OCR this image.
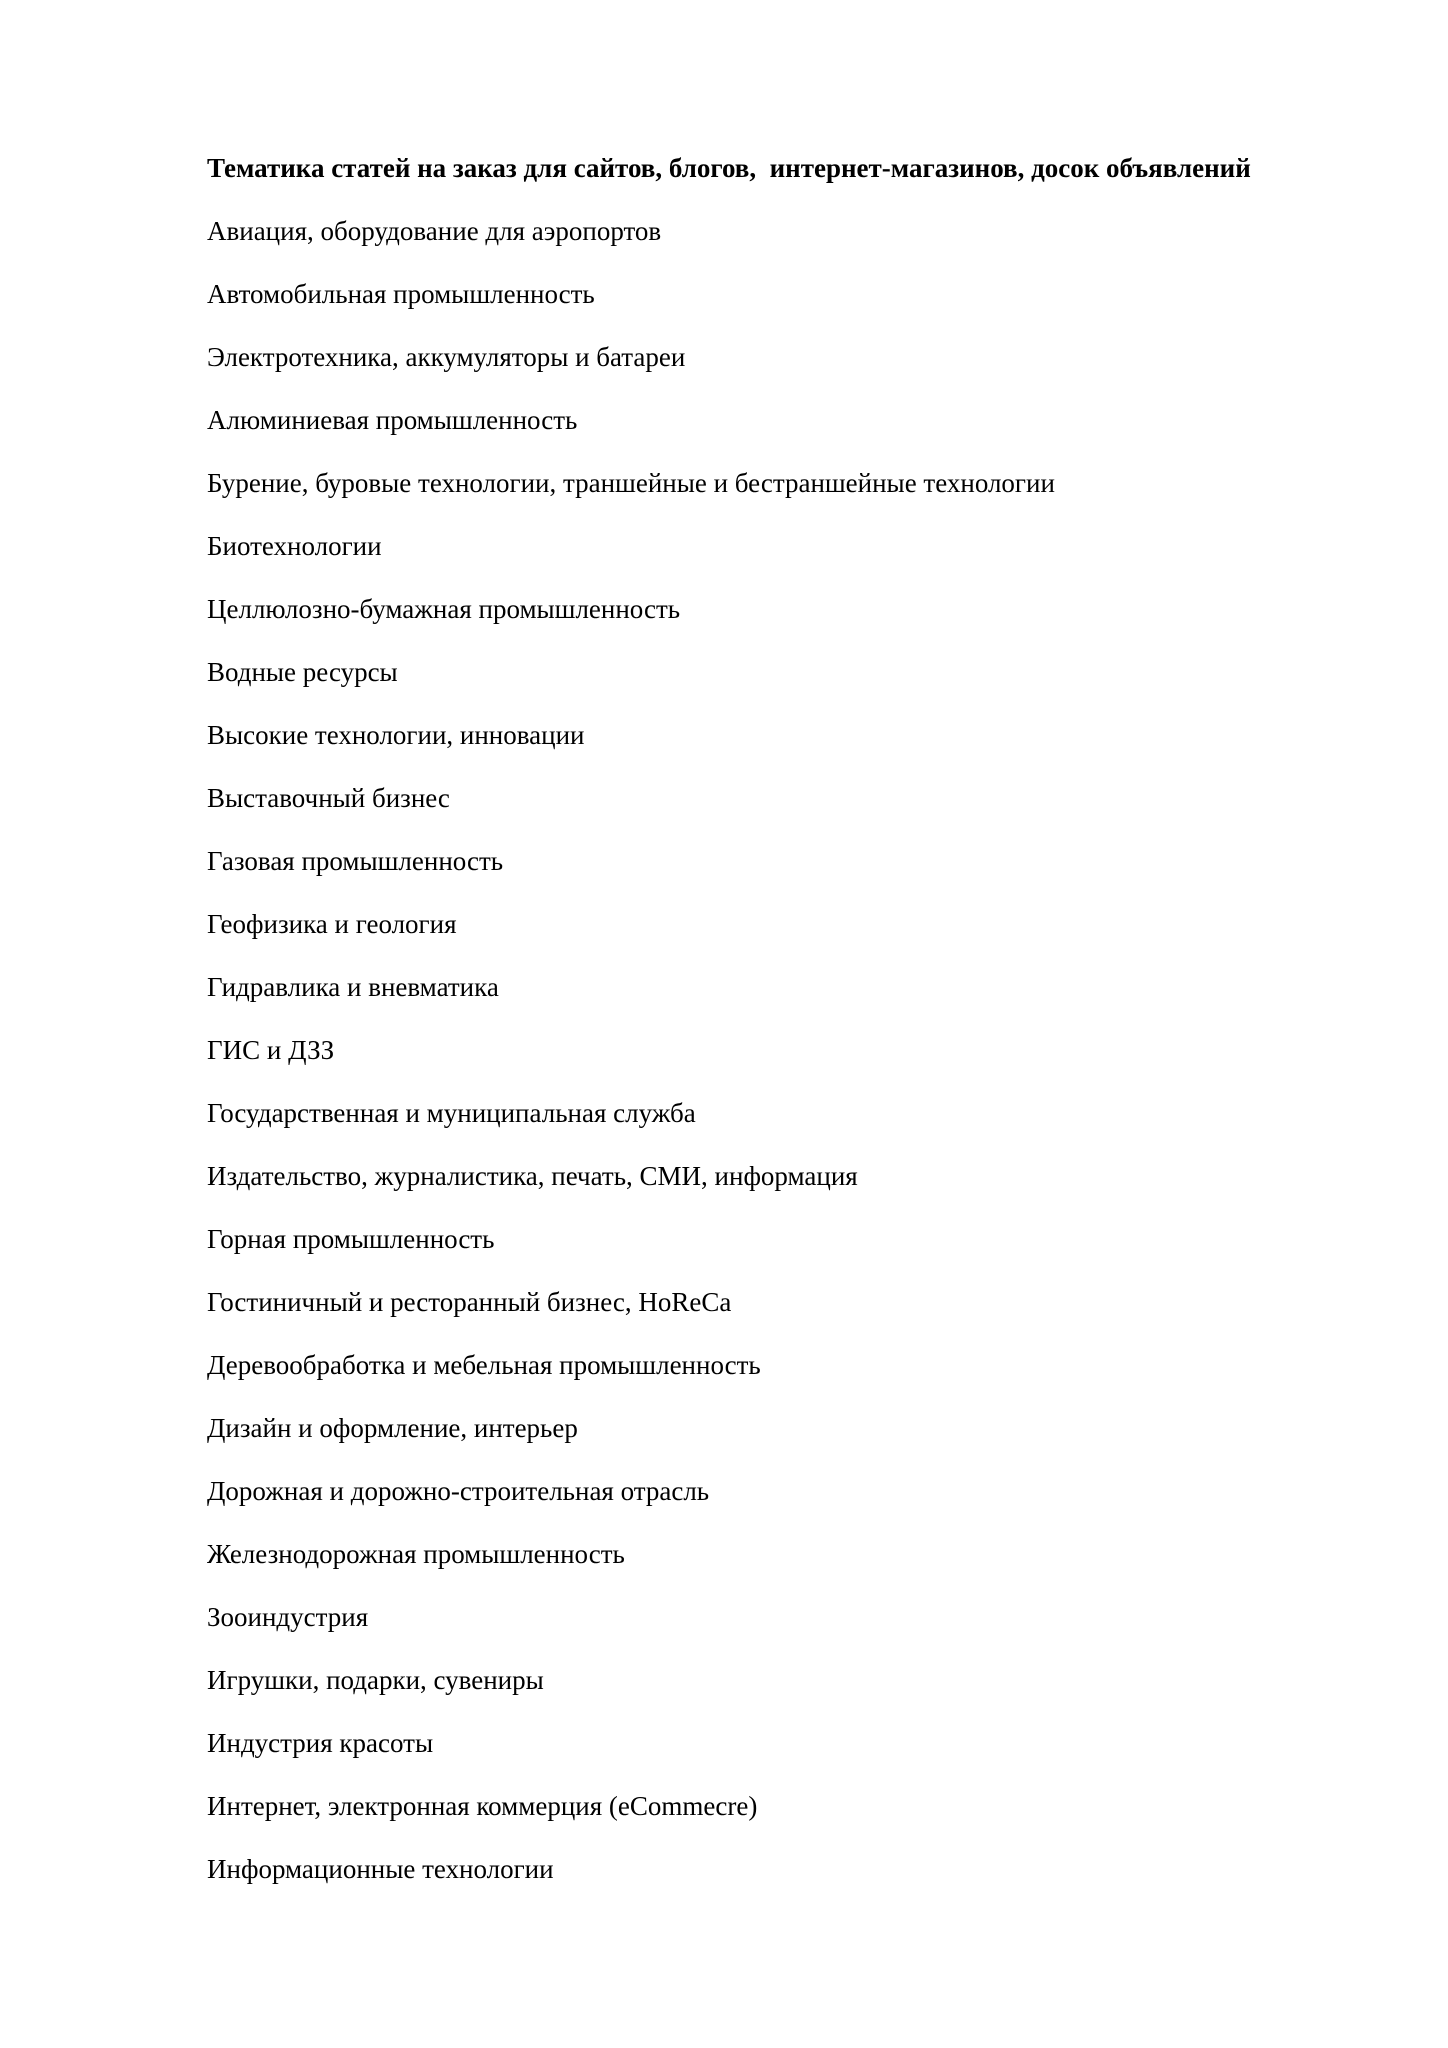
Тематика статей на заказ для сайтов, блогов,  интернет-магазинов, досок объявлений
Авиация, оборудование для аэропортов
Автомобильная промышленность
Электротехника, аккумуляторы и батареи
Алюминиевая промышленность
Бурение, буровые технологии, траншейные и бестраншейные технологии
Биотехнологии
Целлюлозно-бумажная промышленность
Водные ресурсы
Высокие технологии, инновации
Выставочный бизнес
Газовая промышленность
Геофизика и геология
Гидравлика и вневматика
ГИС и ДЗЗ
Государственная и муниципальная служба
Издательство, журналистика, печать, СМИ, информация
Горная промышленность
Гостиничный и ресторанный бизнес, HoReCa
Деревообработка и мебельная промышленность
Дизайн и оформление, интерьер
Дорожная и дорожно-строительная отрасль
Железнодорожная промышленность
Зооиндустрия
Игрушки, подарки, сувениры
Индустрия красоты
Интернет, электронная коммерция (eCommecre)
Информационные технологии
